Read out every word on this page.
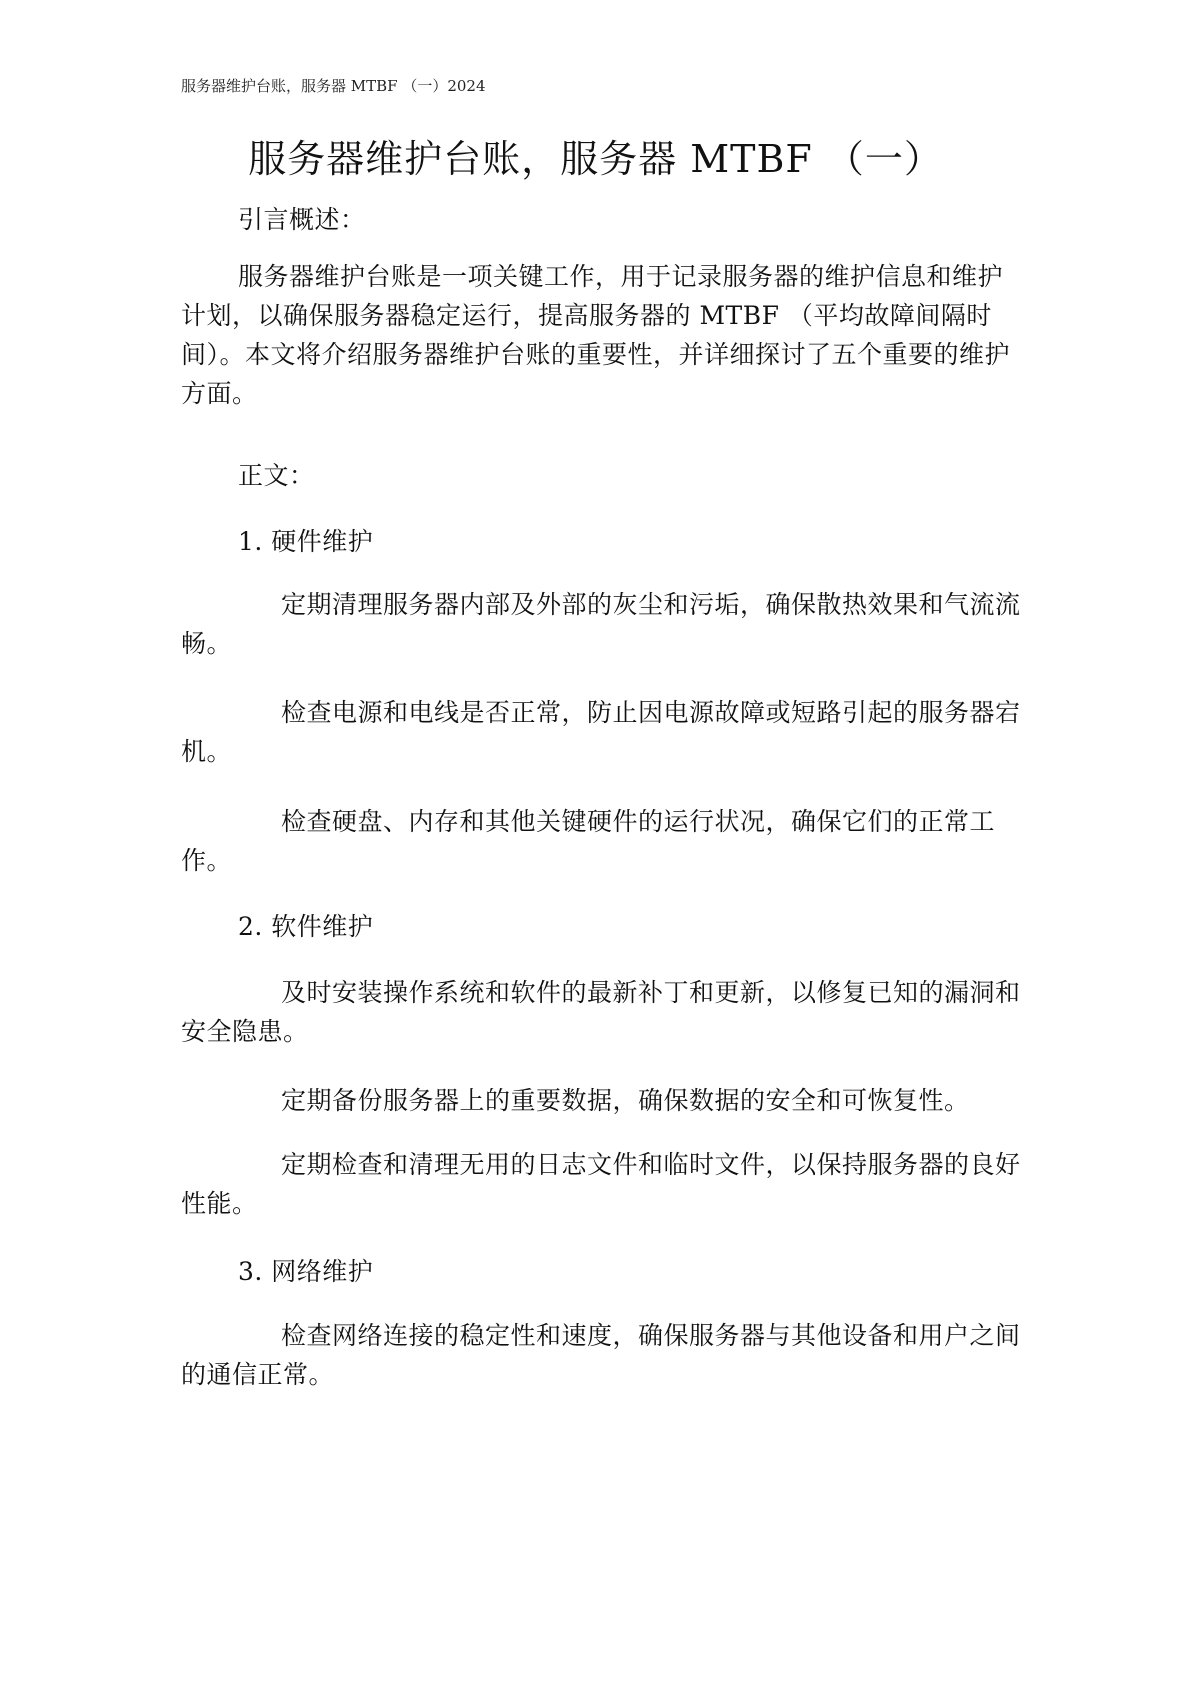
服务器维护台账，服务器 MTBF （一）2024
服务器维护台账，服务器 MTBF （一）

引言概述：

服务器维护台账是一项关键工作，用于记录服务器的维护信息和维护计划，以确保服务器稳定运行，提高服务器的 MTBF （平均故障间隔时间）。本文将介绍服务器维护台账的重要性，并详细探讨了五个重要的维护方面。

正文：

1. 硬件维护

定期清理服务器内部及外部的灰尘和污垢，确保散热效果和气流流畅。

检查电源和电线是否正常，防止因电源故障或短路引起的服务器宕机。

检查硬盘、内存和其他关键硬件的运行状况，确保它们的正常工作。

2. 软件维护

及时安装操作系统和软件的最新补丁和更新，以修复已知的漏洞和安全隐患。

定期备份服务器上的重要数据，确保数据的安全和可恢复性。

定期检查和清理无用的日志文件和临时文件，以保持服务器的良好性能。

3. 网络维护

检查网络连接的稳定性和速度，确保服务器与其他设备和用户之间的通信正常。
